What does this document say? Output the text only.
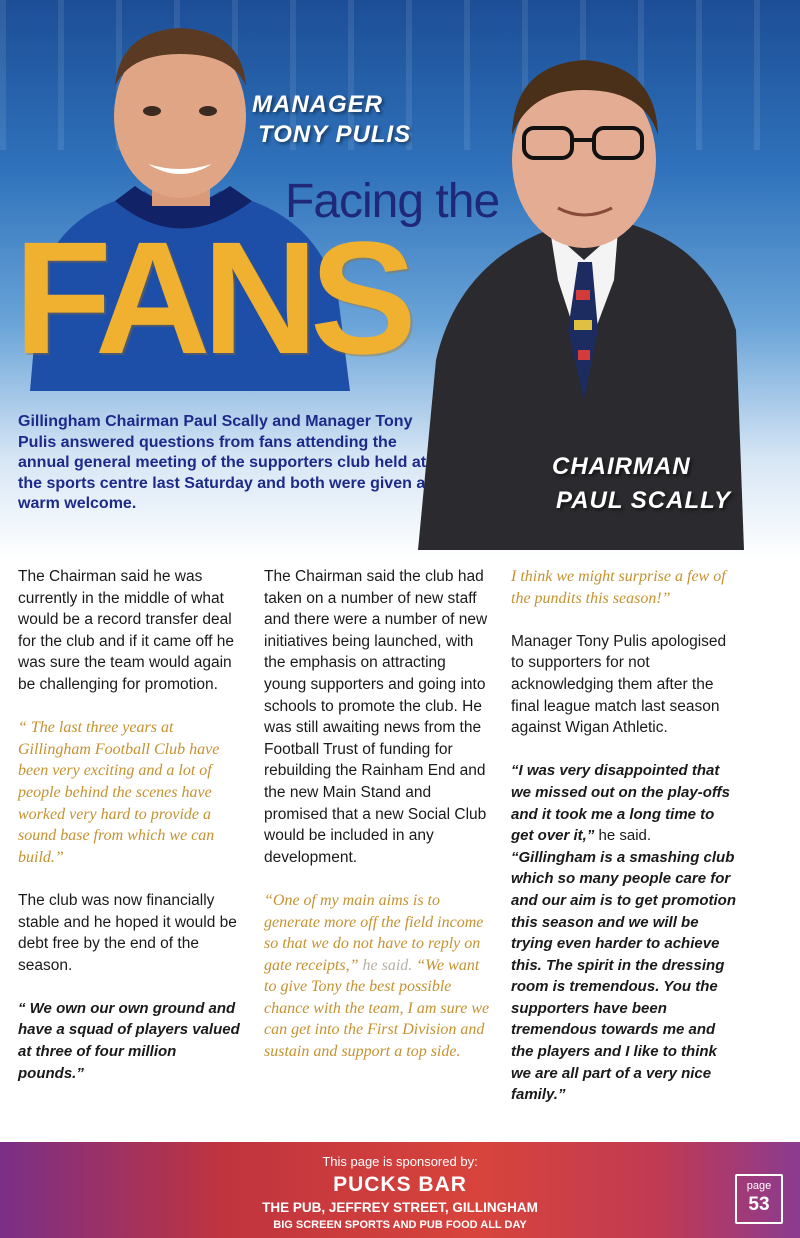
MANAGER
TONY PULIS
Facing the
FANS
CHAIRMAN
PAUL SCALLY
Gillingham Chairman Paul Scally and Manager Tony Pulis answered questions from fans attending the annual general meeting of the supporters club held at the sports centre last Saturday and both were given a warm welcome.

The Chairman said he was currently in the middle of what would be a record transfer deal for the club and if it came off he was sure the team would again be challenging for promotion.

“ The last three years at Gillingham Football Club have been very exciting and a lot of people behind the scenes have worked very hard to provide a sound base from which we can build.”

The club was now financially stable and he hoped it would be debt free by the end of the season.

“ We own our own ground and have a squad of players valued at three of four million pounds.”

The Chairman said the club had taken on a number of new staff and there were a number of new initiatives being launched, with the emphasis on attracting young supporters and going into schools to promote the club. He was still awaiting news from the Football Trust of funding for rebuilding the Rainham End and the new Main Stand and promised that a new Social Club would be included in any development.

“One of my main aims is to generate more off the field income so that we do not have to reply on gate receipts,” he said. “We want to give Tony the best possible chance with the team, I am sure we can get into the First Division and sustain and support a top side.

I think we might surprise a few of the pundits this season!”

Manager Tony Pulis apologised to supporters for not acknowledging them after the final league match last season against Wigan Athletic.

“I was very disappointed that we missed out on the play-offs and it took me a long time to get over it,” he said.
“Gillingham is a smashing club which so many people care for and our aim is to get promotion this season and we will be trying even harder to achieve this. The spirit in the dressing room is tremendous. You the supporters have been tremendous towards me and the players and I like to think we are all part of a very nice family.”

This page is sponsored by:
PUCKS BAR
THE PUB, JEFFREY STREET, GILLINGHAM
BIG SCREEN SPORTS AND PUB FOOD ALL DAY
page
53
